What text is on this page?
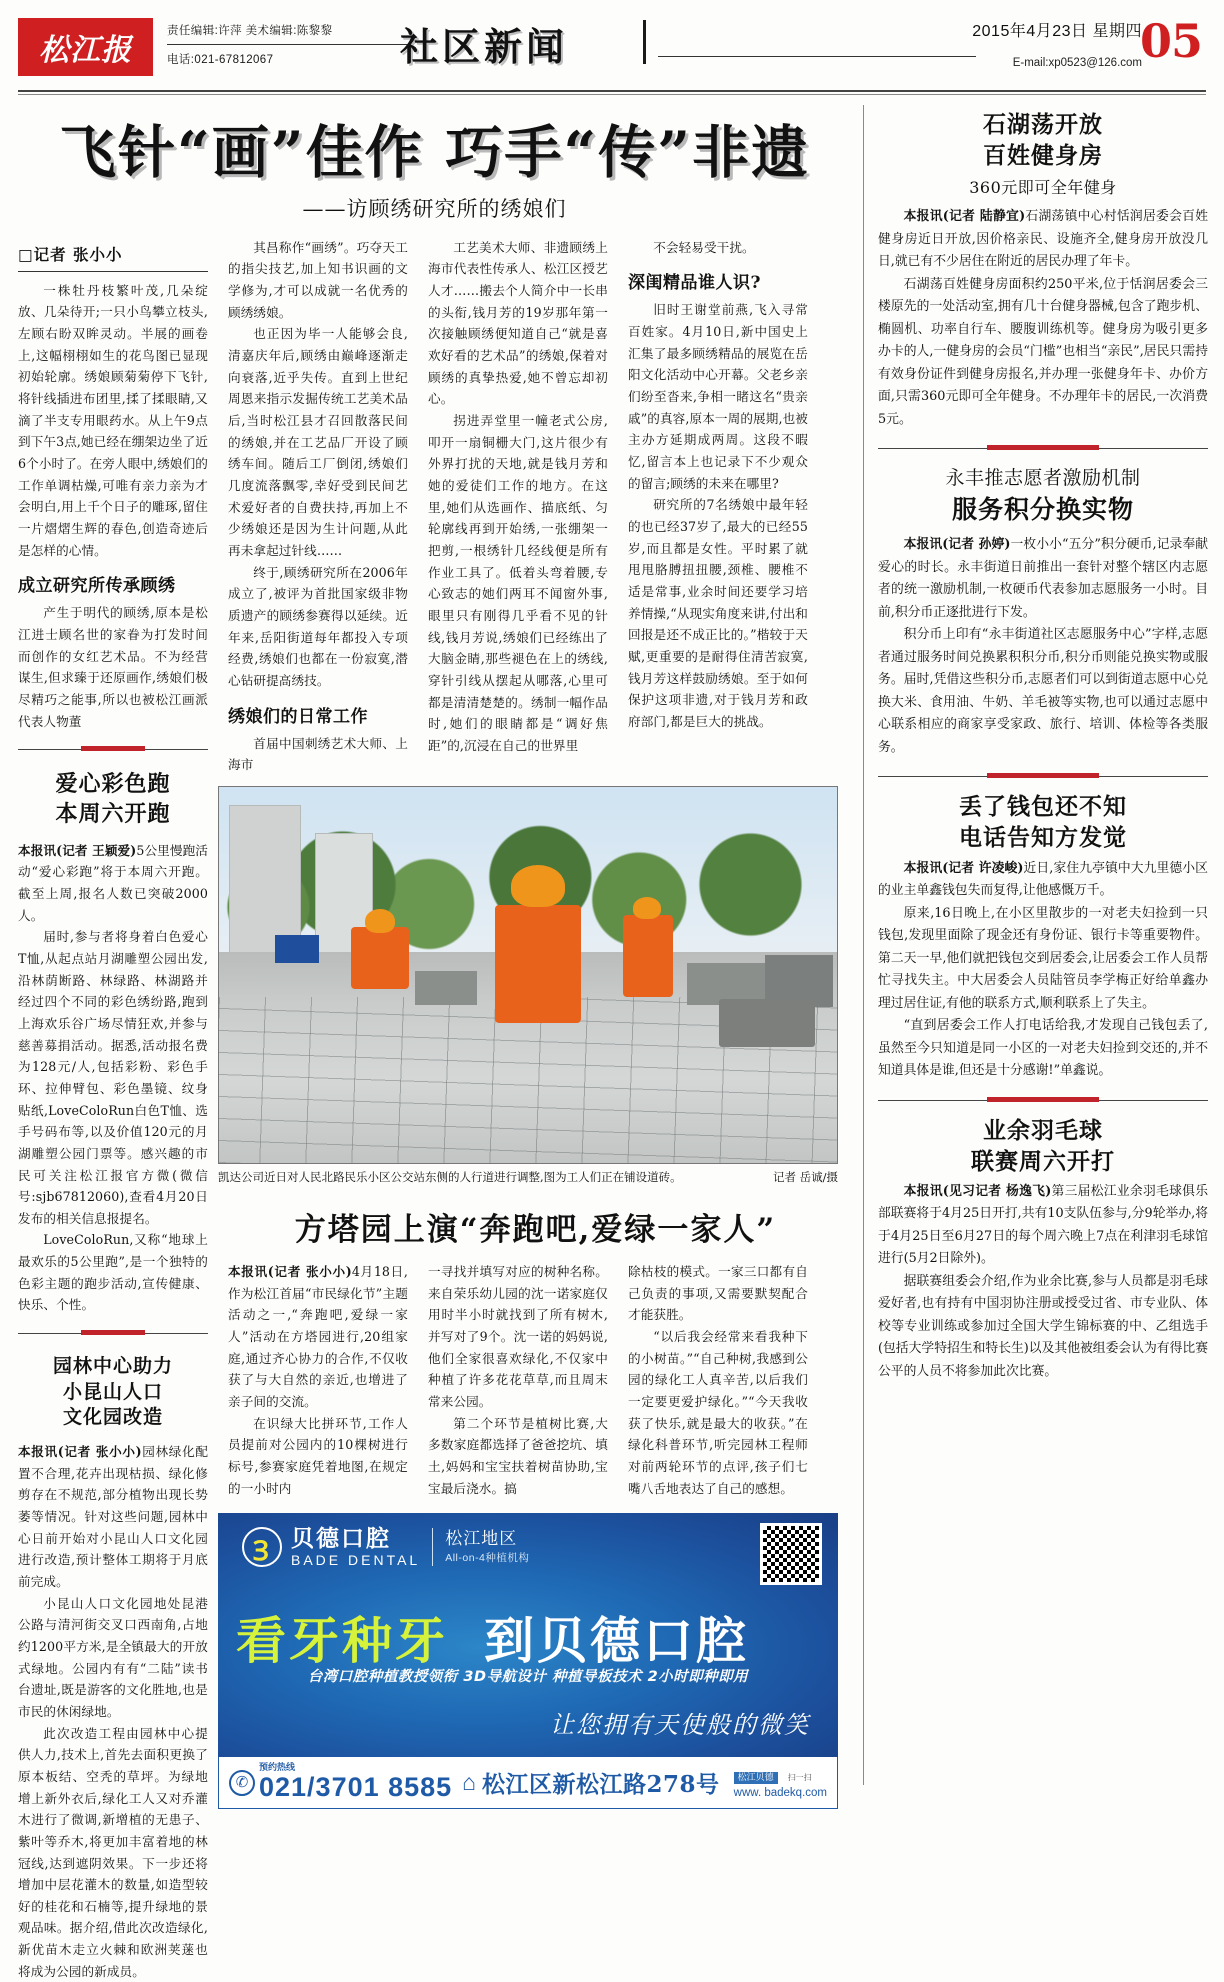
松江报
责任编辑:许萍 美术编辑:陈黎黎
电话:021-67812067	社区新闻	2015年4月23日 星期四
E-mail:xp0523@126.com
05
飞针“画”佳作 巧手“传”非遗
——访顾绣研究所的绣娘们
□记者 张小小

一株牡丹枝繁叶茂,几朵绽放、几朵待开;一只小鸟攀立枝头,左顾右盼双眸灵动。半展的画卷上,这幅栩栩如生的花鸟图已显现初始轮廓。绣娘顾菊菊停下飞针,将针线插进布团里,揉了揉眼睛,又滴了半支专用眼药水。从上午9点到下午3点,她已经在绷架边坐了近6个小时了。在旁人眼中,绣娘们的工作单调枯燥,可唯有亲力亲为才会明白,用上千个日子的雕琢,留住一片熠熠生辉的春色,创造奇迹后是怎样的心情。

成立研究所传承顾绣

产生于明代的顾绣,原本是松江进士顾名世的家眷为打发时间而创作的女红艺术品。不为经营谋生,但求臻于还原画作,绣娘们极尽精巧之能事,所以也被松江画派代表人物董

爱心彩色跑
本周六开跑

本报讯(记者 王颖爱)5公里慢跑活动“爱心彩跑”将于本周六开跑。截至上周,报名人数已突破2000人。

届时,参与者将身着白色爱心T恤,从起点站月湖雕塑公园出发,沿林荫断路、林绿路、林湖路并经过四个不同的彩色绣纷路,跑到上海欢乐谷广场尽情狂欢,并参与慈善募捐活动。据悉,活动报名费为128元/人,包括彩粉、彩色手环、拉伸臂包、彩色墨镜、纹身贴纸,LoveColoRun白色T恤、选手号码布等,以及价值120元的月湖雕塑公园门票等。感兴趣的市民可关注松江报官方微(微信号:sjb67812060),查看4月20日发布的相关信息报提名。

LoveColoRun,又称“地球上最欢乐的5公里跑”,是一个独特的色彩主题的跑步活动,宣传健康、快乐、个性。

园林中心助力
小昆山人口
文化园改造

本报讯(记者 张小小)园林绿化配置不合理,花卉出现枯损、绿化修剪存在不规范,部分植物出现长势萎等情况。针对这些问题,园林中心日前开始对小昆山人口文化园进行改造,预计整体工期将于月底前完成。

小昆山人口文化园地处昆港公路与清河街交叉口西南角,占地约1200平方米,是全镇最大的开放式绿地。公园内有有“二陆”读书台遗址,既是游客的文化胜地,也是市民的休闲绿地。

此次改造工程由园林中心提供人力,技术上,首先去面积更换了原本板结、空秃的草坪。为绿地增上新外衣后,绿化工人又对乔灌木进行了微调,新增植的无患子、紫叶等乔木,将更加丰富着地的林冠线,达到遮阴效果。下一步还将增加中层花灌木的数量,如造型较好的桂花和石楠等,提升绿地的景观品味。据介绍,借此次改造绿化,新优苗木走立火棘和欧洲荚蒾也将成为公园的新成员。

其昌称作“画绣”。巧夺天工的指尖技艺,加上知书识画的文学修为,才可以成就一名优秀的顾绣绣娘。

也正因为毕一人能够会良,清嘉庆年后,顾绣由巅峰逐渐走向衰落,近乎失传。直到上世纪周恩来指示发掘传统工艺美术品后,当时松江县才召回散落民间的绣娘,并在工艺品厂开设了顾绣车间。随后工厂倒闭,绣娘们几度流落飘零,幸好受到民间艺术爱好者的自费扶持,再加上不少绣娘还是因为生计问题,从此再未拿起过针线……

终于,顾绣研究所在2006年成立了,被评为首批国家级非物质遗产的顾绣参赛得以延续。近年来,岳阳街道每年都投入专项经费,绣娘们也都在一份寂寞,潜心钻研提高绣技。

绣娘们的日常工作

首届中国刺绣艺术大师、上海市

工艺美术大师、非遗顾绣上海市代表性传承人、松江区授艺人才……搬去个人简介中一长串的头衔,钱月芳的19岁那年第一次接触顾绣便知道自己“就是喜欢好看的艺术品”的绣娘,保着对顾绣的真挚热爱,她不曾忘却初心。

拐进弄堂里一幢老式公房,叩开一扇铜栅大门,这片很少有外界打扰的天地,就是钱月芳和她的爱徒们工作的地方。在这里,她们从选画作、描底纸、匀轮廓线再到开始绣,一张绷架一把剪,一根绣针几经线便是所有作业工具了。低着头弯着腰,专心致志的她们两耳不闻窗外事,眼里只有刚得几乎看不见的针线,钱月芳说,绣娘们已经练出了大脑金睛,那些褪色在上的绣线,穿针引线从摆起从哪落,心里可都是清清楚楚的。绣制一幅作品时,她们的眼睛都是“调好焦距”的,沉浸在自己的世界里

不会轻易受干扰。

深闺精品谁人识?

旧时王谢堂前燕,飞入寻常百姓家。4月10日,新中国史上汇集了最多顾绣精品的展览在岳阳文化活动中心开幕。父老乡亲们纷至沓来,争相一睹这名“贵亲戚”的真容,原本一周的展期,也被主办方延期成两周。这段不暇忆,留言本上也记录下不少观众的留言;顾绣的未来在哪里?

研究所的7名绣娘中最年轻的也已经37岁了,最大的已经55岁,而且都是女性。平时累了就甩甩胳膊扭扭腰,颈椎、腰椎不适是常事,业余时间还要学习培养情操,“从现实角度来讲,付出和回报是还不成正比的。”楷较于天赋,更重要的是耐得住清苦寂寞,钱月芳这样鼓励绣娘。至于如何保护这项非遗,对于钱月芳和政府部门,都是巨大的挑战。

凯达公司近日对人民北路民乐小区公交站东侧的人行道进行调整,图为工人们正在铺设道砖。	记者 岳诚/摄
方塔园上演“奔跑吧,爱绿一家人”

本报讯(记者 张小小)4月18日,作为松江首届“市民绿化节”主题活动之一,“奔跑吧,爱绿一家人”活动在方塔园进行,20组家庭,通过齐心协力的合作,不仅收获了与大自然的亲近,也增进了亲子间的交流。

在识绿大比拼环节,工作人员提前对公园内的10棵树进行标号,参赛家庭凭着地图,在规定的一小时内

一寻找并填写对应的树种名称。来自荣乐幼儿园的沈一诺家庭仅用时半小时就找到了所有树木,并写对了9个。沈一诺的妈妈说,他们全家很喜欢绿化,不仅家中种植了许多花花草草,而且周末常来公园。

第二个环节是植树比赛,大多数家庭都选择了爸爸挖坑、填土,妈妈和宝宝扶着树苗协助,宝宝最后浇水。搞

除枯枝的模式。一家三口都有自己负责的事项,又需要默契配合才能获胜。

“以后我会经常来看我种下的小树苗。”“自己种树,我感到公园的绿化工人真辛苦,以后我们一定要更爱护绿化。”“今天我收获了快乐,就是最大的收获。”在绿化科普环节,听完园林工程师对前两轮环节的点评,孩子们七嘴八舌地表达了自己的感想。

Ɜ
贝德口腔
BADE DENTAL
松江地区
All-on-4种植机构
看牙种牙 到贝德口腔
台湾口腔种植教授领衔 3D导航设计 种植导板技术 2小时即种即用
让您拥有天使般的微笑
✆
预约热线
021/3701 8585 ⌂ 松江区新松江路278号	松江贝德 扫一扫
www. badekq.com
石湖荡开放
百姓健身房
360元即可全年健身

本报讯(记者 陆静宜)石湖荡镇中心村恬润居委会百姓健身房近日开放,因价格亲民、设施齐全,健身房开放没几日,就已有不少居住在附近的居民办理了年卡。

石湖荡百姓健身房面积约250平米,位于恬润居委会三楼原先的一处活动室,拥有几十台健身器械,包含了跑步机、椭圆机、功率自行车、腰腹训练机等。健身房为吸引更多办卡的人,一健身房的会员“门槛”也相当“亲民”,居民只需持有效身份证件到健身房报名,并办理一张健身年卡、办价方面,只需360元即可全年健身。不办理年卡的居民,一次消费5元。

永丰推志愿者激励机制
服务积分换实物

本报讯(记者 孙婷)一枚小小“五分”积分硬币,记录奉献爱心的时长。永丰街道日前推出一套针对整个辖区内志愿者的统一激励机制,一枚硬币代表参加志愿服务一小时。目前,积分币正逐批进行下发。

积分币上印有“永丰街道社区志愿服务中心”字样,志愿者通过服务时间兑换累积积分币,积分币则能兑换实物或服务。届时,凭借这些积分币,志愿者们可以到街道志愿中心兑换大米、食用油、牛奶、羊毛被等实物,也可以通过志愿中心联系相应的商家享受家政、旅行、培训、体检等各类服务。

丢了钱包还不知
电话告知方发觉

本报讯(记者 许凌峻)近日,家住九亭镇中大九里德小区的业主单鑫钱包失而复得,让他感慨万千。

原来,16日晚上,在小区里散步的一对老夫妇捡到一只钱包,发现里面除了现金还有身份证、银行卡等重要物件。第二天一早,他们就把钱包交到居委会,让居委会工作人员帮忙寻找失主。中大居委会人员陆管员李学梅正好给单鑫办理过居住证,有他的联系方式,顺利联系上了失主。

“直到居委会工作人打电话给我,才发现自己钱包丢了,虽然至今只知道是同一小区的一对老夫妇捡到交还的,并不知道具体是谁,但还是十分感谢!”单鑫说。

业余羽毛球
联赛周六开打

本报讯(见习记者 杨逸飞)第三届松江业余羽毛球俱乐部联赛将于4月25日开打,共有10支队伍参与,分9轮举办,将于4月25日至6月27日的每个周六晚上7点在利津羽毛球馆进行(5月2日除外)。

据联赛组委会介绍,作为业余比赛,参与人员都是羽毛球爱好者,也有持有中国羽协注册或授受过省、市专业队、体校等专业训练或参加过全国大学生锦标赛的中、乙组选手(包括大学特招生和特长生)以及其他被组委会认为有得比赛公平的人员不将参加此次比赛。
